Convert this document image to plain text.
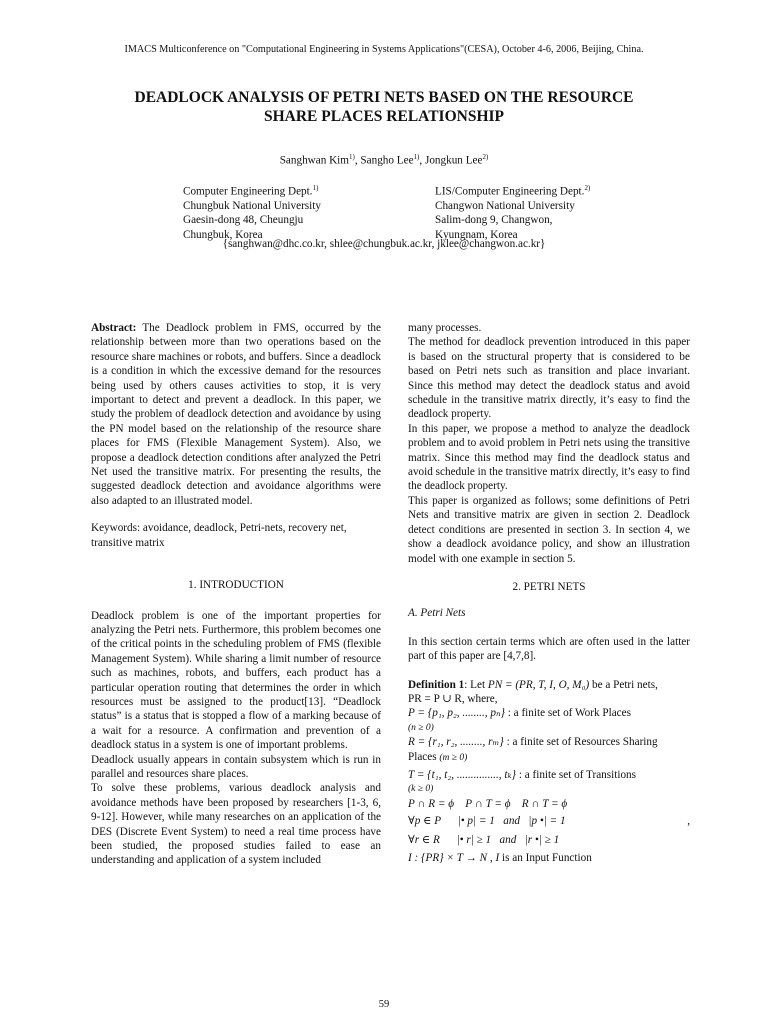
IMACS Multiconference on "Computational Engineering in Systems Applications"(CESA), October 4-6, 2006, Beijing, China.
DEADLOCK ANALYSIS OF PETRI NETS BASED ON THE RESOURCE
SHARE PLACES RELATIONSHIP
Sanghwan Kim$^{1)}$, Sangho Lee$^{1)}$, Jongkun Lee$^{2)}$
Computer Engineering Dept.$^{1)}$
Chungbuk National University
Gaesin-dong 48, Cheungju
Chungbuk, Korea
LIS/Computer Engineering Dept.$^{2)}$
Changwon National University
Salim-dong 9, Changwon,
Kyungnam, Korea
{sanghwan@dhc.co.kr, shlee@chungbuk.ac.kr, jklee@changwon.ac.kr}

Abstract: The Deadlock problem in FMS, occurred by the relationship between more than two operations based on the resource share machines or robots, and buffers. Since a deadlock is a condition in which the excessive demand for the resources being used by others causes activities to stop, it is very important to detect and prevent a deadlock. In this paper, we study the problem of deadlock detection and avoidance by using the PN model based on the relationship of the resource share places for FMS (Flexible Management System). Also, we propose a deadlock detection conditions after analyzed the Petri Net used the transitive matrix. For presenting the results, the suggested deadlock detection and avoidance algorithms were also adapted to an illustrated model.

Keywords: avoidance, deadlock, Petri-nets, recovery net, transitive matrix

1. INTRODUCTION

Deadlock problem is one of the important properties for analyzing the Petri nets. Furthermore, this problem becomes one of the critical points in the scheduling problem of FMS (flexible Management System). While sharing a limit number of resource such as machines, robots, and buffers, each product has a particular operation routing that determines the order in which resources must be assigned to the product[13]. “Deadlock status” is a status that is stopped a flow of a marking because of a wait for a resource. A confirmation and prevention of a deadlock status in a system is one of important problems.

Deadlock usually appears in contain subsystem which is run in parallel and resources share places.

To solve these problems, various deadlock analysis and avoidance methods have been proposed by researchers [1-3, 6, 9-12]. However, while many researches on an application of the DES (Discrete Event System) to need a real time process have been studied, the proposed studies failed to ease an understanding and application of a system included

many processes.

The method for deadlock prevention introduced in this paper is based on the structural property that is considered to be based on Petri nets such as transition and place invariant. Since this method may detect the deadlock status and avoid schedule in the transitive matrix directly, it’s easy to find the deadlock property.

In this paper, we propose a method to analyze the deadlock problem and to avoid problem in Petri nets using the transitive matrix. Since this method may find the deadlock status and avoid schedule in the transitive matrix directly, it’s easy to find the deadlock property.

This paper is organized as follows; some definitions of Petri Nets and transitive matrix are given in section 2. Deadlock detect conditions are presented in section 3. In section 4, we show a deadlock avoidance policy, and show an illustration model with one example in section 5.

2. PETRI NETS

A. Petri Nets

In this section certain terms which are often used in the latter part of this paper are [4,7,8].

Definition 1: Let PN = (PR, T, I, O, M₀) be a Petri nets,

PR = P ∪ R, where,

P = {p₁, p₂, ........, pₙ} : a finite set of Work Places

(n ≥ 0)

R = {r₁, r₂, ........, rₘ} : a finite set of Resources Sharing

Places (m ≥ 0)

T = {t₁, t₂, ..............., tₖ} : a finite set of Transitions

(k ≥ 0)

P ∩ R = ϕ    P ∩ T = ϕ    R ∩ T = ϕ

∀p ∈ P      |• p| = 1   and   |p •| = 1	,

∀r ∈ R      |• r| ≥ 1   and   |r •| ≥ 1

I : {PR} × T → N , I is an Input Function

59
